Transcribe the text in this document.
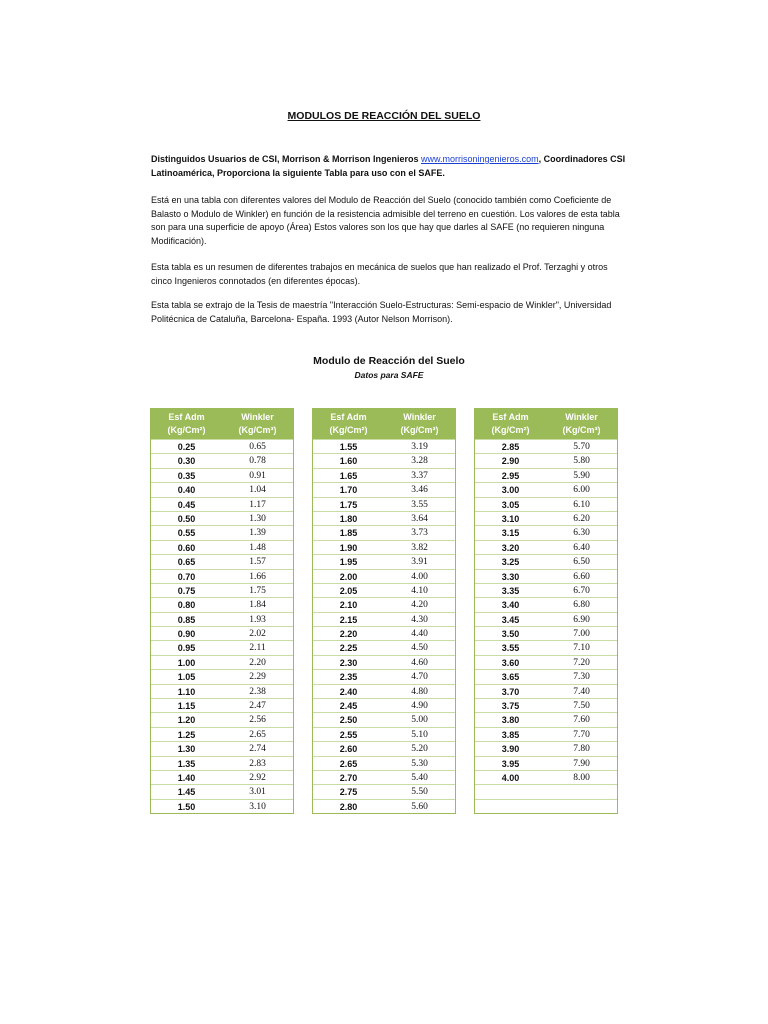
MODULOS DE REACCIÓN DEL SUELO
Distinguidos Usuarios de CSI, Morrison & Morrison Ingenieros www.morrisoningenieros.com, Coordinadores CSI Latinoamérica, Proporciona la siguiente Tabla para uso con el SAFE.
Está en una tabla con diferentes valores del Modulo de Reacción del Suelo (conocido también como Coeficiente de Balasto o Modulo de Winkler) en función de la resistencia admisible del terreno en cuestión. Los valores de esta tabla son para una superficie de apoyo (Área) Estos valores son los que hay que darles al SAFE (no requieren ninguna Modificación).
Esta tabla es un resumen de diferentes trabajos en mecánica de suelos que han realizado el Prof. Terzaghi y otros cinco Ingenieros connotados (en diferentes épocas).
Esta tabla se extrajo de la Tesis de maestría "Interacción Suelo-Estructuras: Semi-espacio de Winkler", Universidad Politécnica de Cataluña, Barcelona- España. 1993 (Autor Nelson Morrison).
Modulo de Reacción del Suelo
Datos para SAFE
Esf Adm
(Kg/Cm²)
Winkler
(Kg/Cm³)
0.25	0.65
0.30	0.78
0.35	0.91
0.40	1.04
0.45	1.17
0.50	1.30
0.55	1.39
0.60	1.48
0.65	1.57
0.70	1.66
0.75	1.75
0.80	1.84
0.85	1.93
0.90	2.02
0.95	2.11
1.00	2.20
1.05	2.29
1.10	2.38
1.15	2.47
1.20	2.56
1.25	2.65
1.30	2.74
1.35	2.83
1.40	2.92
1.45	3.01
1.50	3.10
Esf Adm
(Kg/Cm²)
Winkler
(Kg/Cm³)
1.55	3.19
1.60	3.28
1.65	3.37
1.70	3.46
1.75	3.55
1.80	3.64
1.85	3.73
1.90	3.82
1.95	3.91
2.00	4.00
2.05	4.10
2.10	4.20
2.15	4.30
2.20	4.40
2.25	4.50
2.30	4.60
2.35	4.70
2.40	4.80
2.45	4.90
2.50	5.00
2.55	5.10
2.60	5.20
2.65	5.30
2.70	5.40
2.75	5.50
2.80	5.60
Esf Adm
(Kg/Cm²)
Winkler
(Kg/Cm³)
2.85	5.70
2.90	5.80
2.95	5.90
3.00	6.00
3.05	6.10
3.10	6.20
3.15	6.30
3.20	6.40
3.25	6.50
3.30	6.60
3.35	6.70
3.40	6.80
3.45	6.90
3.50	7.00
3.55	7.10
3.60	7.20
3.65	7.30
3.70	7.40
3.75	7.50
3.80	7.60
3.85	7.70
3.90	7.80
3.95	7.90
4.00	8.00
